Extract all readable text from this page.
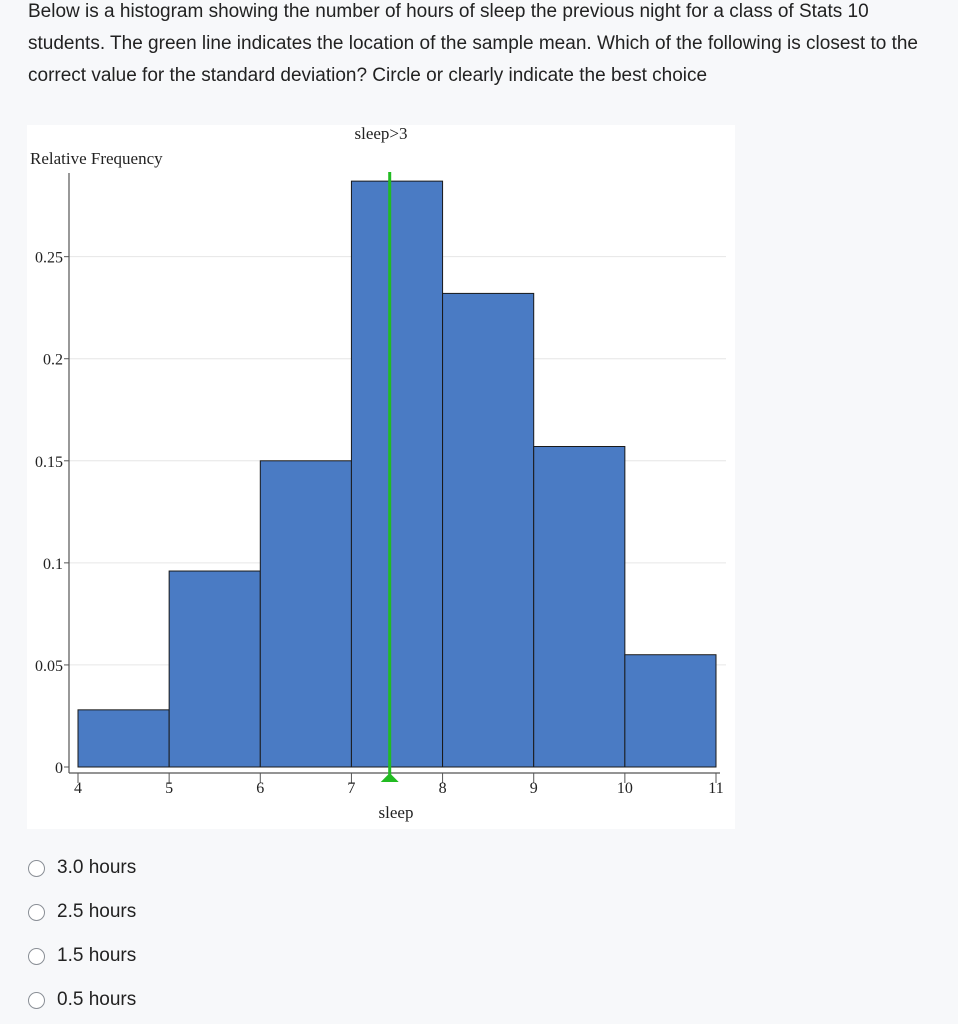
Below is a histogram showing the number of hours of sleep the previous night for a class of Stats 10 students. The green line indicates the location of the sample mean. Which of the following is closest to the correct value for the standard deviation? Circle or clearly indicate the best choice
0
0.05
0.1
0.15
0.2
0.25
4	5	6	7	8	9	10	11
sleep>3
Relative Frequency
sleep
3.0 hours
2.5 hours
1.5 hours
0.5 hours
